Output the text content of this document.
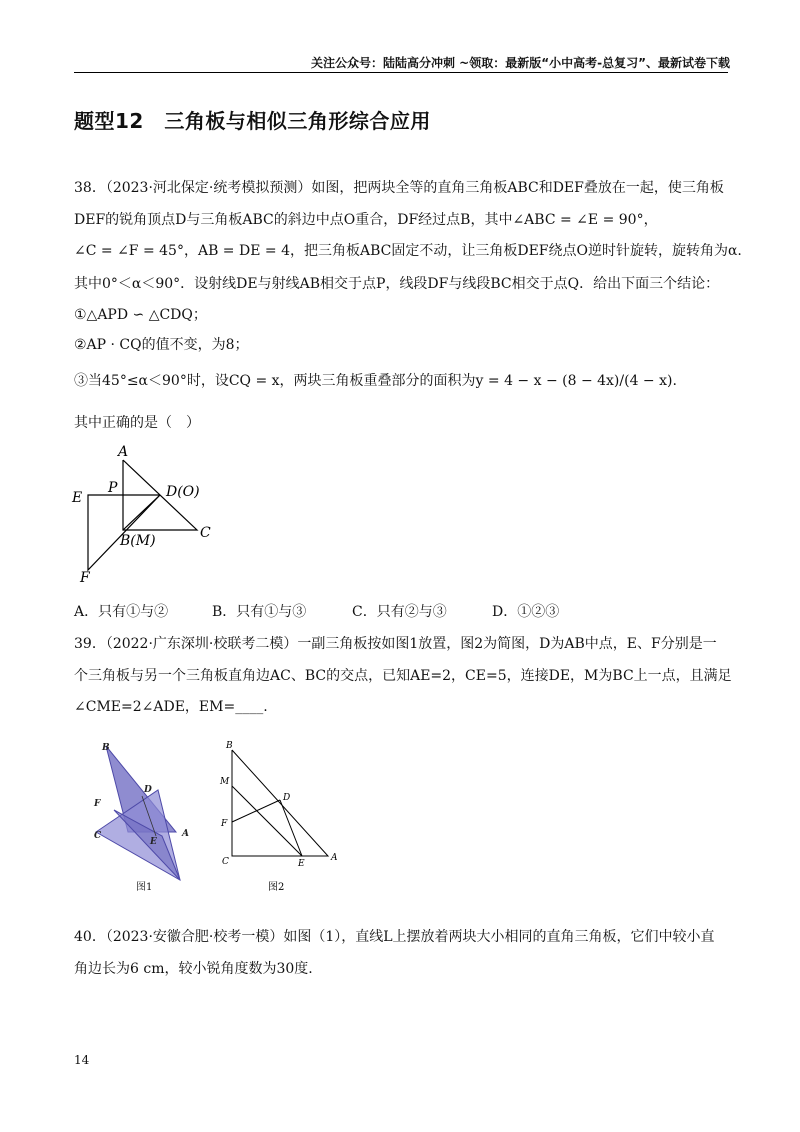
关注公众号：陆陆高分冲刺 ~领取：最新版“小中高考-总复习”、最新试卷下载
题型12　三角板与相似三角形综合应用
38．（2023·河北保定·统考模拟预测）如图，把两块全等的直角三角板ABC和DEF叠放在一起，使三角板
DEF的锐角顶点D与三角板ABC的斜边中点O重合，DF经过点B，其中∠ABC = ∠E = 90°，
∠C = ∠F = 45°，AB = DE = 4，把三角板ABC固定不动，让三角板DEF绕点O逆时针旋转，旋转角为α.
其中0°＜α＜90°．设射线DE与射线AB相交于点P，线段DF与线段BC相交于点Q．给出下面三个结论：
①△APD ∽ △CDQ；
②AP · CQ的值不变，为8；
③当45°≤α＜90°时，设CQ = x，两块三角板重叠部分的面积为y = 4 − x − (8 − 4x)/(4 − x).
其中正确的是（　）
A
P	D(O)
E
C
B(M)
F
A．只有①与②	B．只有①与③	C．只有②与③	D．①②③
39．（2022·广东深圳·校联考二模）一副三角板按如图1放置，图2为简图，D为AB中点，E、F分别是一
个三角板与另一个三角板直角边AC、BC的交点，已知AE=2，CE=5，连接DE，M为BC上一点，且满足
∠CME=2∠ADE，EM=____.
B
F
D
C
E
A
图1
B
M
D
F
C	E
A
图2
40．（2023·安徽合肥·校考一模）如图（1），直线L上摆放着两块大小相同的直角三角板，它们中较小直
角边长为6 cm，较小锐角度数为30度.
14
